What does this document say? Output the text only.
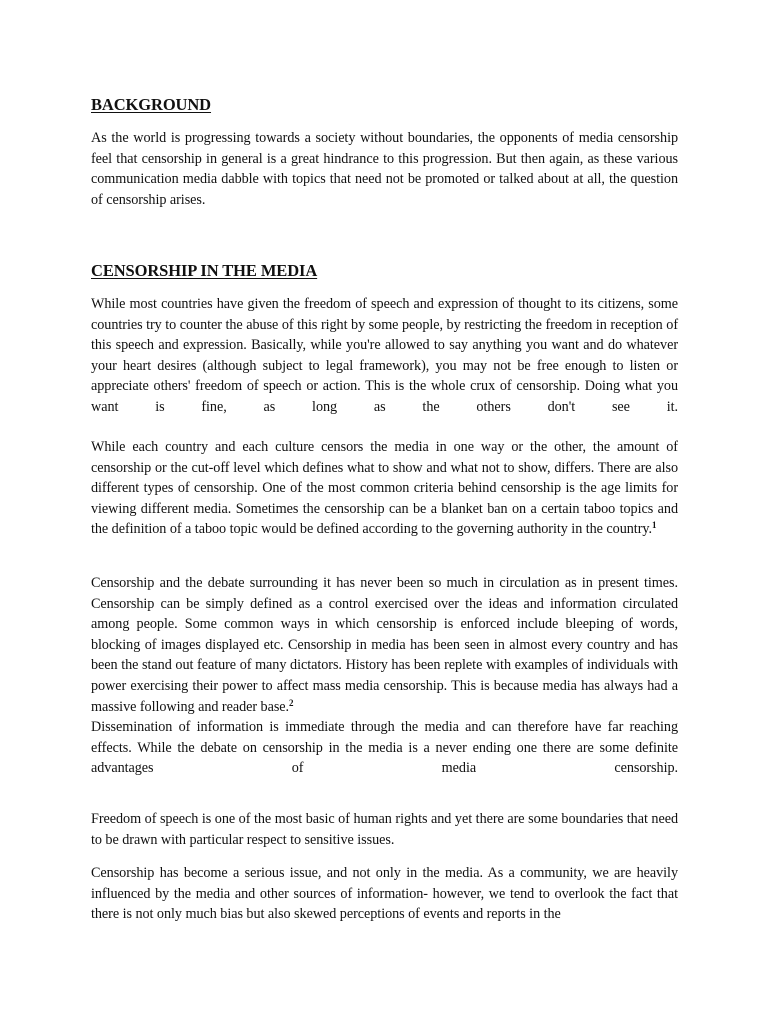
BACKGROUND

As the world is progressing towards a society without boundaries, the opponents of media censorship feel that censorship in general is a great hindrance to this progression. But then again, as these various communication media dabble with topics that need not be promoted or talked about at all, the question of censorship arises.

CENSORSHIP IN THE MEDIA

While most countries have given the freedom of speech and expression of thought to its citizens, some countries try to counter the abuse of this right by some people, by restricting the freedom in reception of this speech and expression. Basically, while you're allowed to say anything you want and do whatever your heart desires (although subject to legal framework), you may not be free enough to listen or appreciate others' freedom of speech or action. This is the whole crux of censorship. Doing what you want is fine, as long as the others don't see it.

While each country and each culture censors the media in one way or the other, the amount of censorship or the cut-off level which defines what to show and what not to show, differs. There are also different types of censorship. One of the most common criteria behind censorship is the age limits for viewing different media. Sometimes the censorship can be a blanket ban on a certain taboo topics and the definition of a taboo topic would be defined according to the governing authority in the country.$^1$

Censorship and the debate surrounding it has never been so much in circulation as in present times. Censorship can be simply defined as a control exercised over the ideas and information circulated among people. Some common ways in which censorship is enforced include bleeping of words, blocking of images displayed etc. Censorship in media has been seen in almost every country and has been the stand out feature of many dictators. History has been replete with examples of individuals with power exercising their power to affect mass media censorship. This is because media has always had a massive following and reader base.$^2$

Dissemination of information is immediate through the media and can therefore have far reaching effects. While the debate on censorship in the media is a never ending one there are some definite advantages of media censorship.

Freedom of speech is one of the most basic of human rights and yet there are some boundaries that need to be drawn with particular respect to sensitive issues.

Censorship has become a serious issue, and not only in the media. As a community, we are heavily influenced by the media and other sources of information- however, we tend to overlook the fact that there is not only much bias but also skewed perceptions of events and reports in the
